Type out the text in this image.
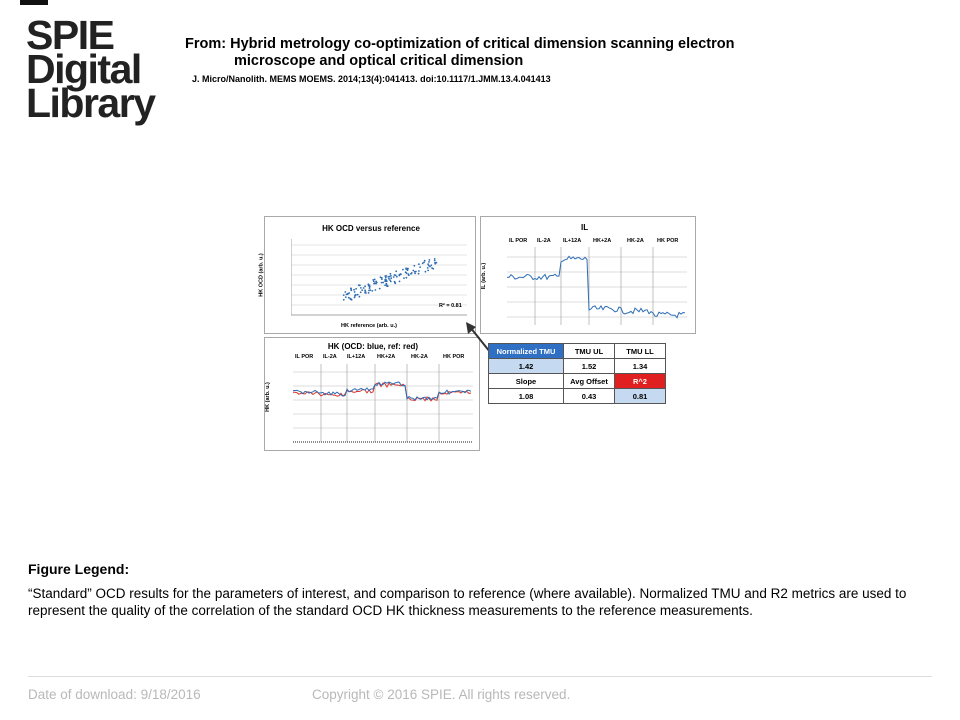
SPIE
Digital
Library
From: Hybrid metrology co-optimization of critical dimension scanning electron
microscope and optical critical dimension
J. Micro/Nanolith. MEMS MOEMS. 2014;13(4):041413. doi:10.1117/1.JMM.13.4.041413
HK OCD versus reference
HK OCD (arb. u.)
R² = 0.81
HK reference (arb. u.)
IL
IL (arb. u.)
IL POR IL-2A IL+12A HK+2A	HK-2A HK POR
HK (OCD: blue, ref: red)
HK (arb. u.)
IL POR IL-2A IL+12A HK+2A	HK-2A	HK POR
Normalized TMU	TMU UL	TMU LL
1.42	1.52	1.34
Slope	Avg Offset	R^2
1.08	0.43	0.81
Figure Legend:
“Standard” OCD results for the parameters of interest, and comparison to reference (where available). Normalized TMU and R2 metrics are used to represent the quality of the correlation of the standard OCD HK thickness measurements to the reference measurements.
Date of download: 9/18/2016	Copyright © 2016 SPIE. All rights reserved.
